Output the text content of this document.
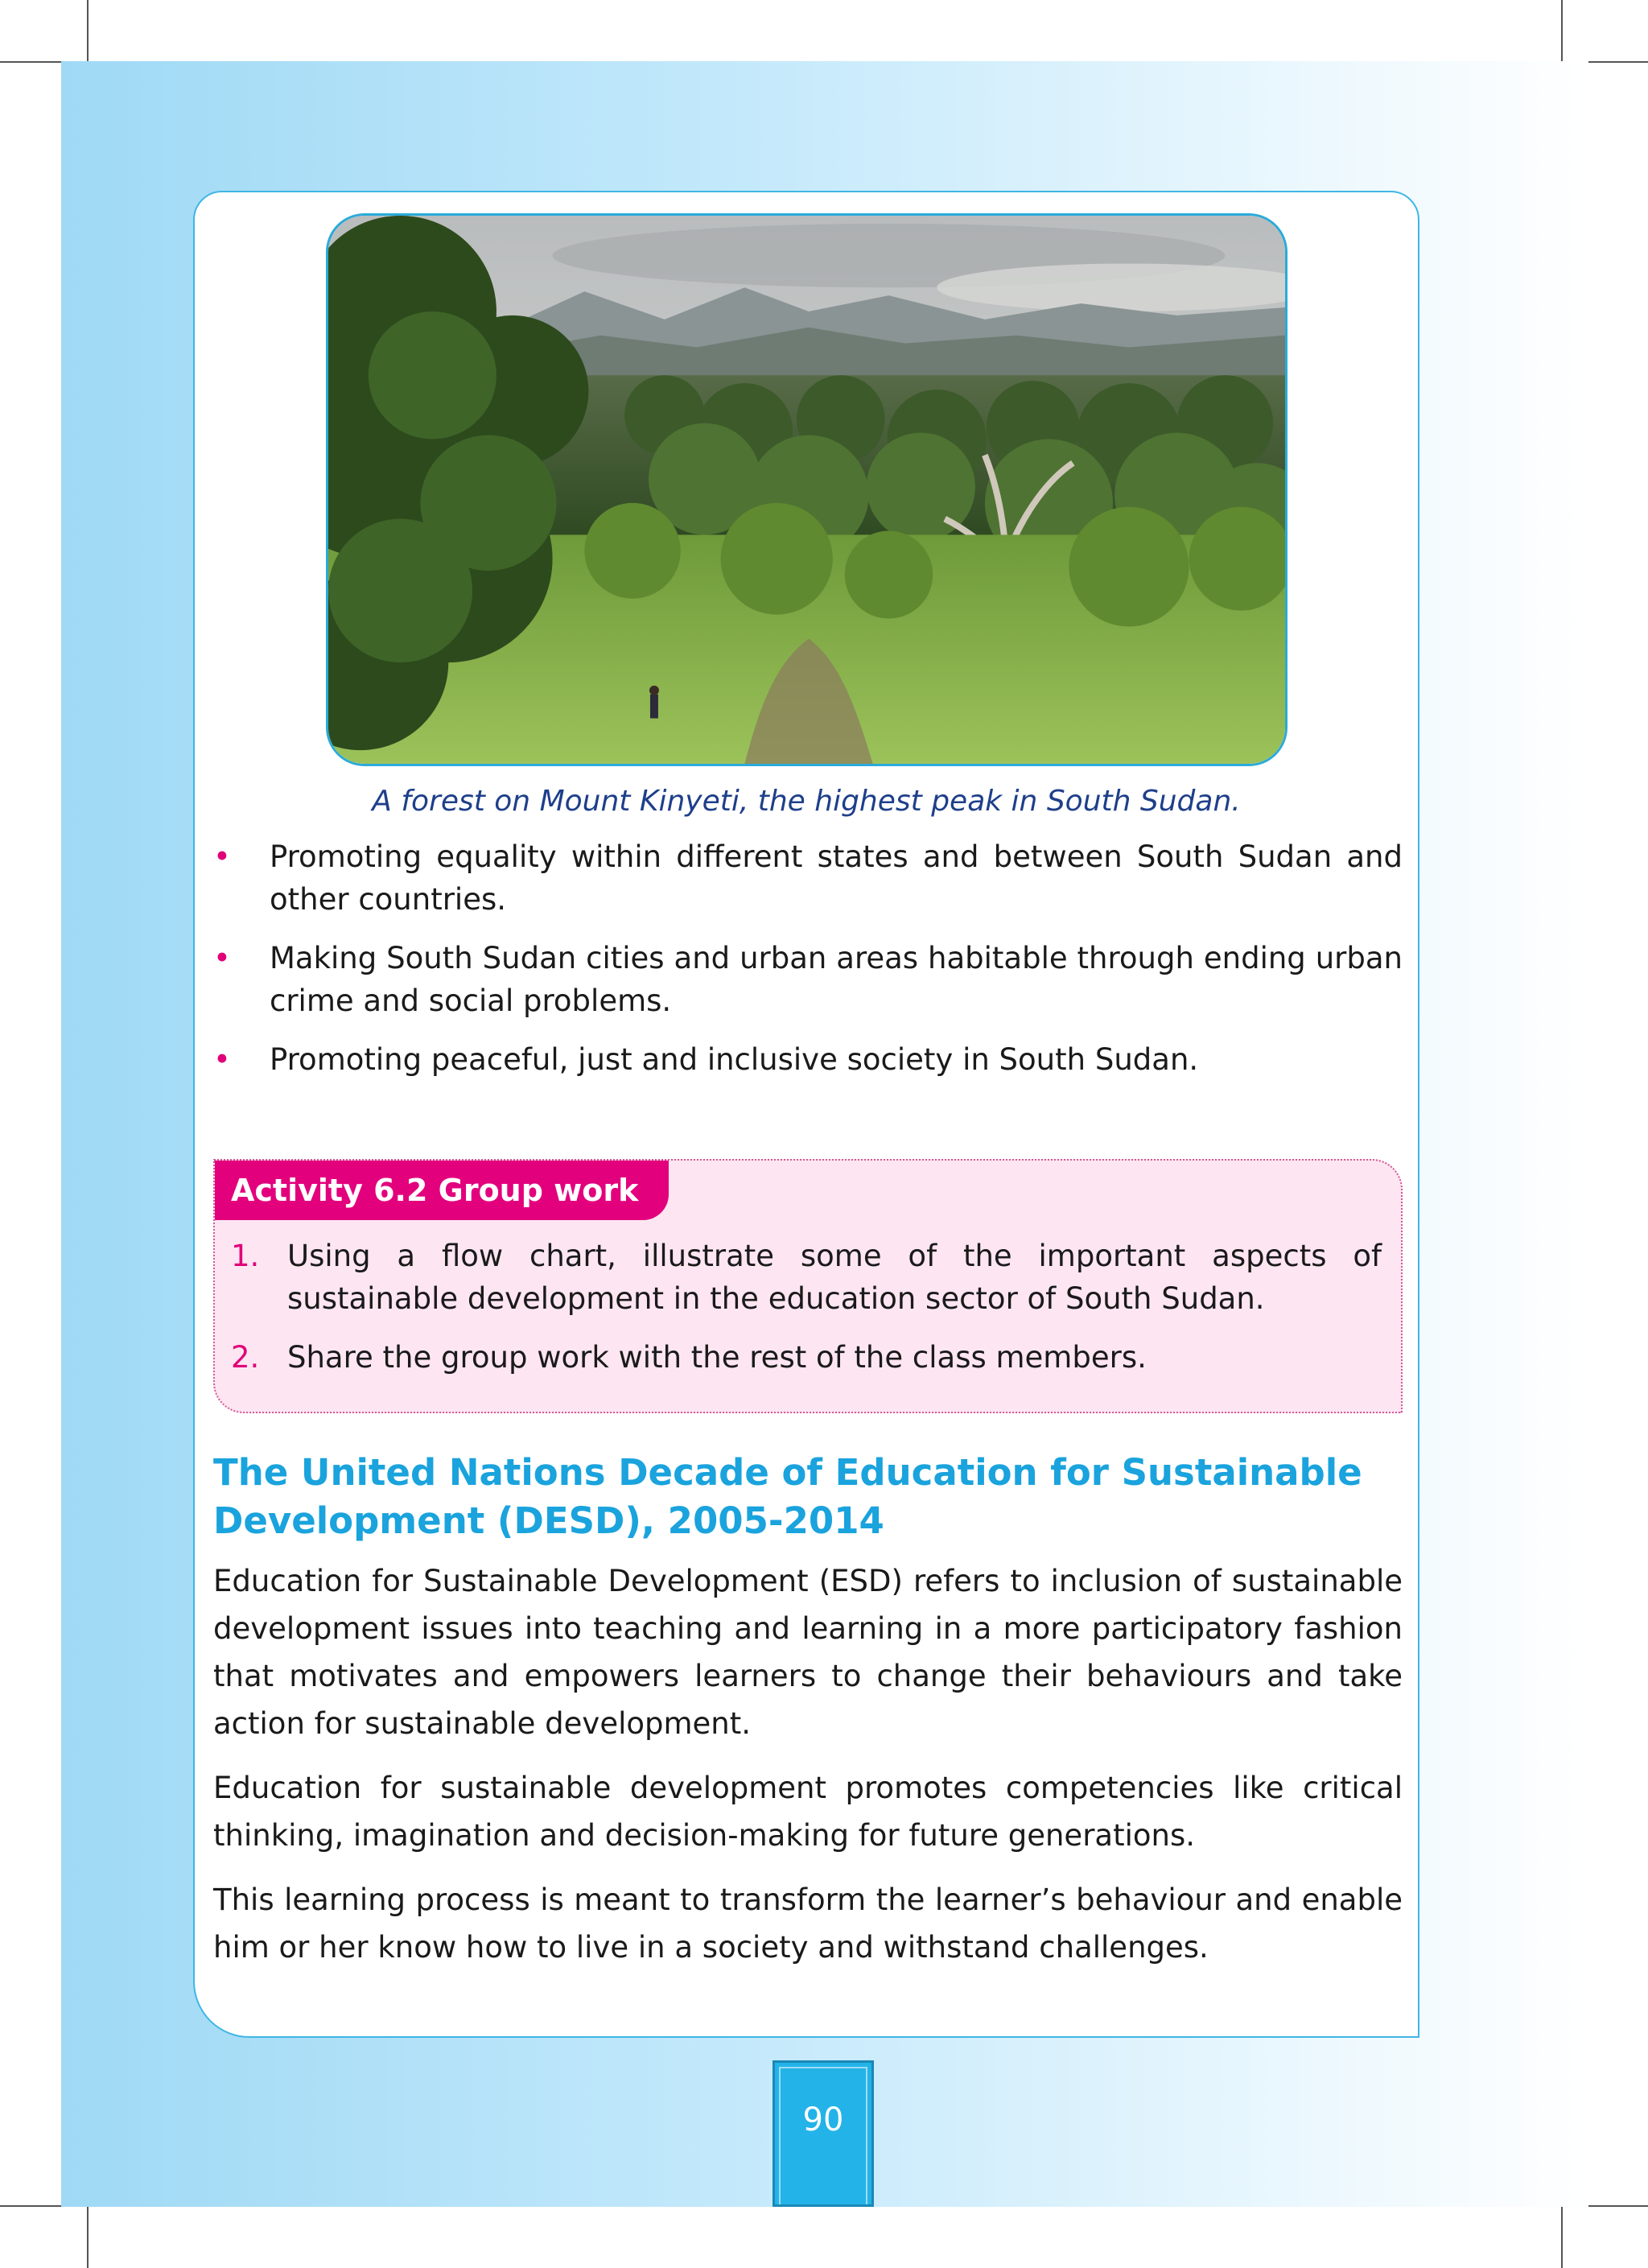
A forest on Mount Kinyeti, the highest peak in South Sudan.
• Promoting equality within different states and between South Sudan and other countries.
• Making South Sudan cities and urban areas habitable through ending urban crime and social problems.
• Promoting peaceful, just and inclusive society in South Sudan.
Activity 6.2 Group work
1. Using a flow chart, illustrate some of the important aspects of sustainable development in the education sector of South Sudan.
2. Share the group work with the rest of the class members.
The United Nations Decade of Education for Sustainable Development (DESD), 2005-2014

Education for Sustainable Development (ESD) refers to inclusion of sustainable development issues into teaching and learning in a more participatory fashion that motivates and empowers learners to change their behaviours and take action for sustainable development.

Education for sustainable development promotes competencies like critical thinking, imagination and decision-making for future generations.

This learning process is meant to transform the learner’s behaviour and enable him or her know how to live in a society and withstand challenges.

90
